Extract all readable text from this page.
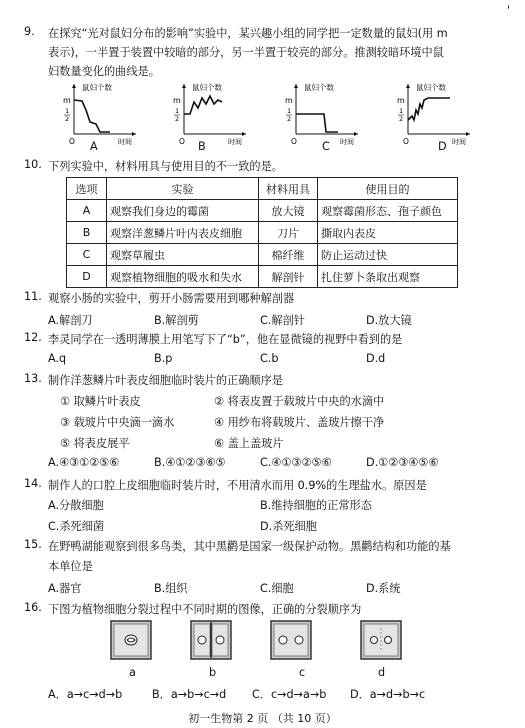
'
9. 在探究“光对鼠妇分布的影响”实验中，某兴趣小组的同学把一定数量的鼠妇(用 m
表示)，一半置于装置中较暗的部分，另一半置于较亮的部分。推测较暗环境中鼠
妇数量变化的曲线是。
鼠妇个数
m
1
2
O	时间
A
鼠妇个数
m
1
2
O	时间
B
鼠妇个数
m
1
2
O	时间
C
鼠妇个数
m
1
2
O	时间
D
10. 下列实验中，材料用具与使用目的不一致的是。
选项	实验	材料用具	使用目的
A	观察我们身边的霉菌	放大镜	观察霉菌形态、孢子颜色
B	观察洋葱鳞片叶内表皮细胞	刀片	撕取内表皮
C	观察草履虫	棉纤维	防止运动过快
D	观察植物细胞的吸水和失水	解剖针	扎住萝卜条取出观察
11. 观察小肠的实验中，剪开小肠需要用到哪种解剖器
A.解剖刀	B.解剖剪	C.解剖针	D.放大镜
12. 李灵同学在一透明薄膜上用笔写下了“b”，他在显微镜的视野中看到的是
A.q	B.p	C.b	D.d
13. 制作洋葱鳞片叶表皮细胞临时装片的正确顺序是
① 取鳞片叶表皮	② 将表皮置于载玻片中央的水滴中
③ 载玻片中央滴一滴水	④ 用纱布将载玻片、盖玻片擦干净
⑤ 将表皮展平	⑥ 盖上盖玻片
A.④③①②⑤⑥	B.④①②③⑥⑤	C.④①③②⑤⑥	D.①②③④⑤⑥
14. 制作人的口腔上皮细胞临时装片时，不用清水而用 0.9%的生理盐水。原因是
A.分散细胞	B.维持细胞的正常形态
C.杀死细菌	D.杀死细胞
15. 在野鸭湖能观察到很多鸟类，其中黑鹳是国家一级保护动物。黑鹳结构和功能的基
本单位是
A.器官	B.组织	C.细胞	D.系统
16. 下图为植物细胞分裂过程中不同时期的图像，正确的分裂顺序为
a	b	c	d
A．a→c→d→b	B．a→b→c→d C．c→d→a→b D．a→d→b→c
初一生物第 2 页 （共 10 页）
